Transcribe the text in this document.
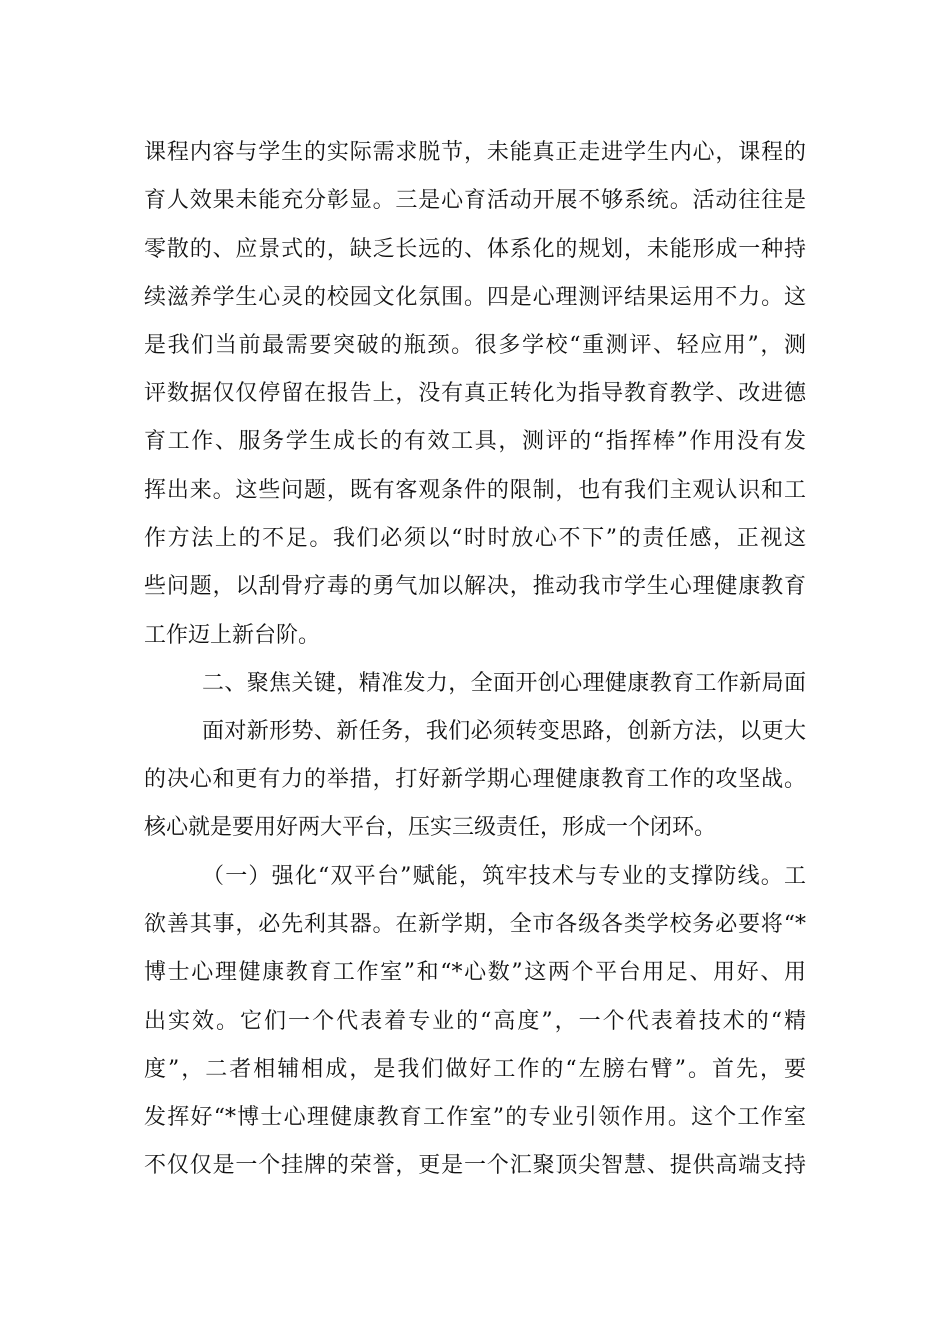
课程内容与学生的实际需求脱节，未能真正走进学生内心，课程的
育人效果未能充分彰显。三是心育活动开展不够系统。活动往往是
零散的、应景式的，缺乏长远的、体系化的规划，未能形成一种持
续滋养学生心灵的校园文化氛围。四是心理测评结果运用不力。这
是我们当前最需要突破的瓶颈。很多学校“重测评、轻应用”，测
评数据仅仅停留在报告上，没有真正转化为指导教育教学、改进德
育工作、服务学生成长的有效工具，测评的“指挥棒”作用没有发
挥出来。这些问题，既有客观条件的限制，也有我们主观认识和工
作方法上的不足。我们必须以“时时放心不下”的责任感，正视这
些问题，以刮骨疗毒的勇气加以解决，推动我市学生心理健康教育
工作迈上新台阶。
二、聚焦关键，精准发力，全面开创心理健康教育工作新局面
面对新形势、新任务，我们必须转变思路，创新方法，以更大
的决心和更有力的举措，打好新学期心理健康教育工作的攻坚战。
核心就是要用好两大平台，压实三级责任，形成一个闭环。
（一）强化“双平台”赋能，筑牢技术与专业的支撑防线。工
欲善其事，必先利其器。在新学期，全市各级各类学校务必要将“*
博士心理健康教育工作室”和“*心数”这两个平台用足、用好、用
出实效。它们一个代表着专业的“高度”，一个代表着技术的“精
度”，二者相辅相成，是我们做好工作的“左膀右臂”。首先，要
发挥好“*博士心理健康教育工作室”的专业引领作用。这个工作室
不仅仅是一个挂牌的荣誉，更是一个汇聚顶尖智慧、提供高端支持
